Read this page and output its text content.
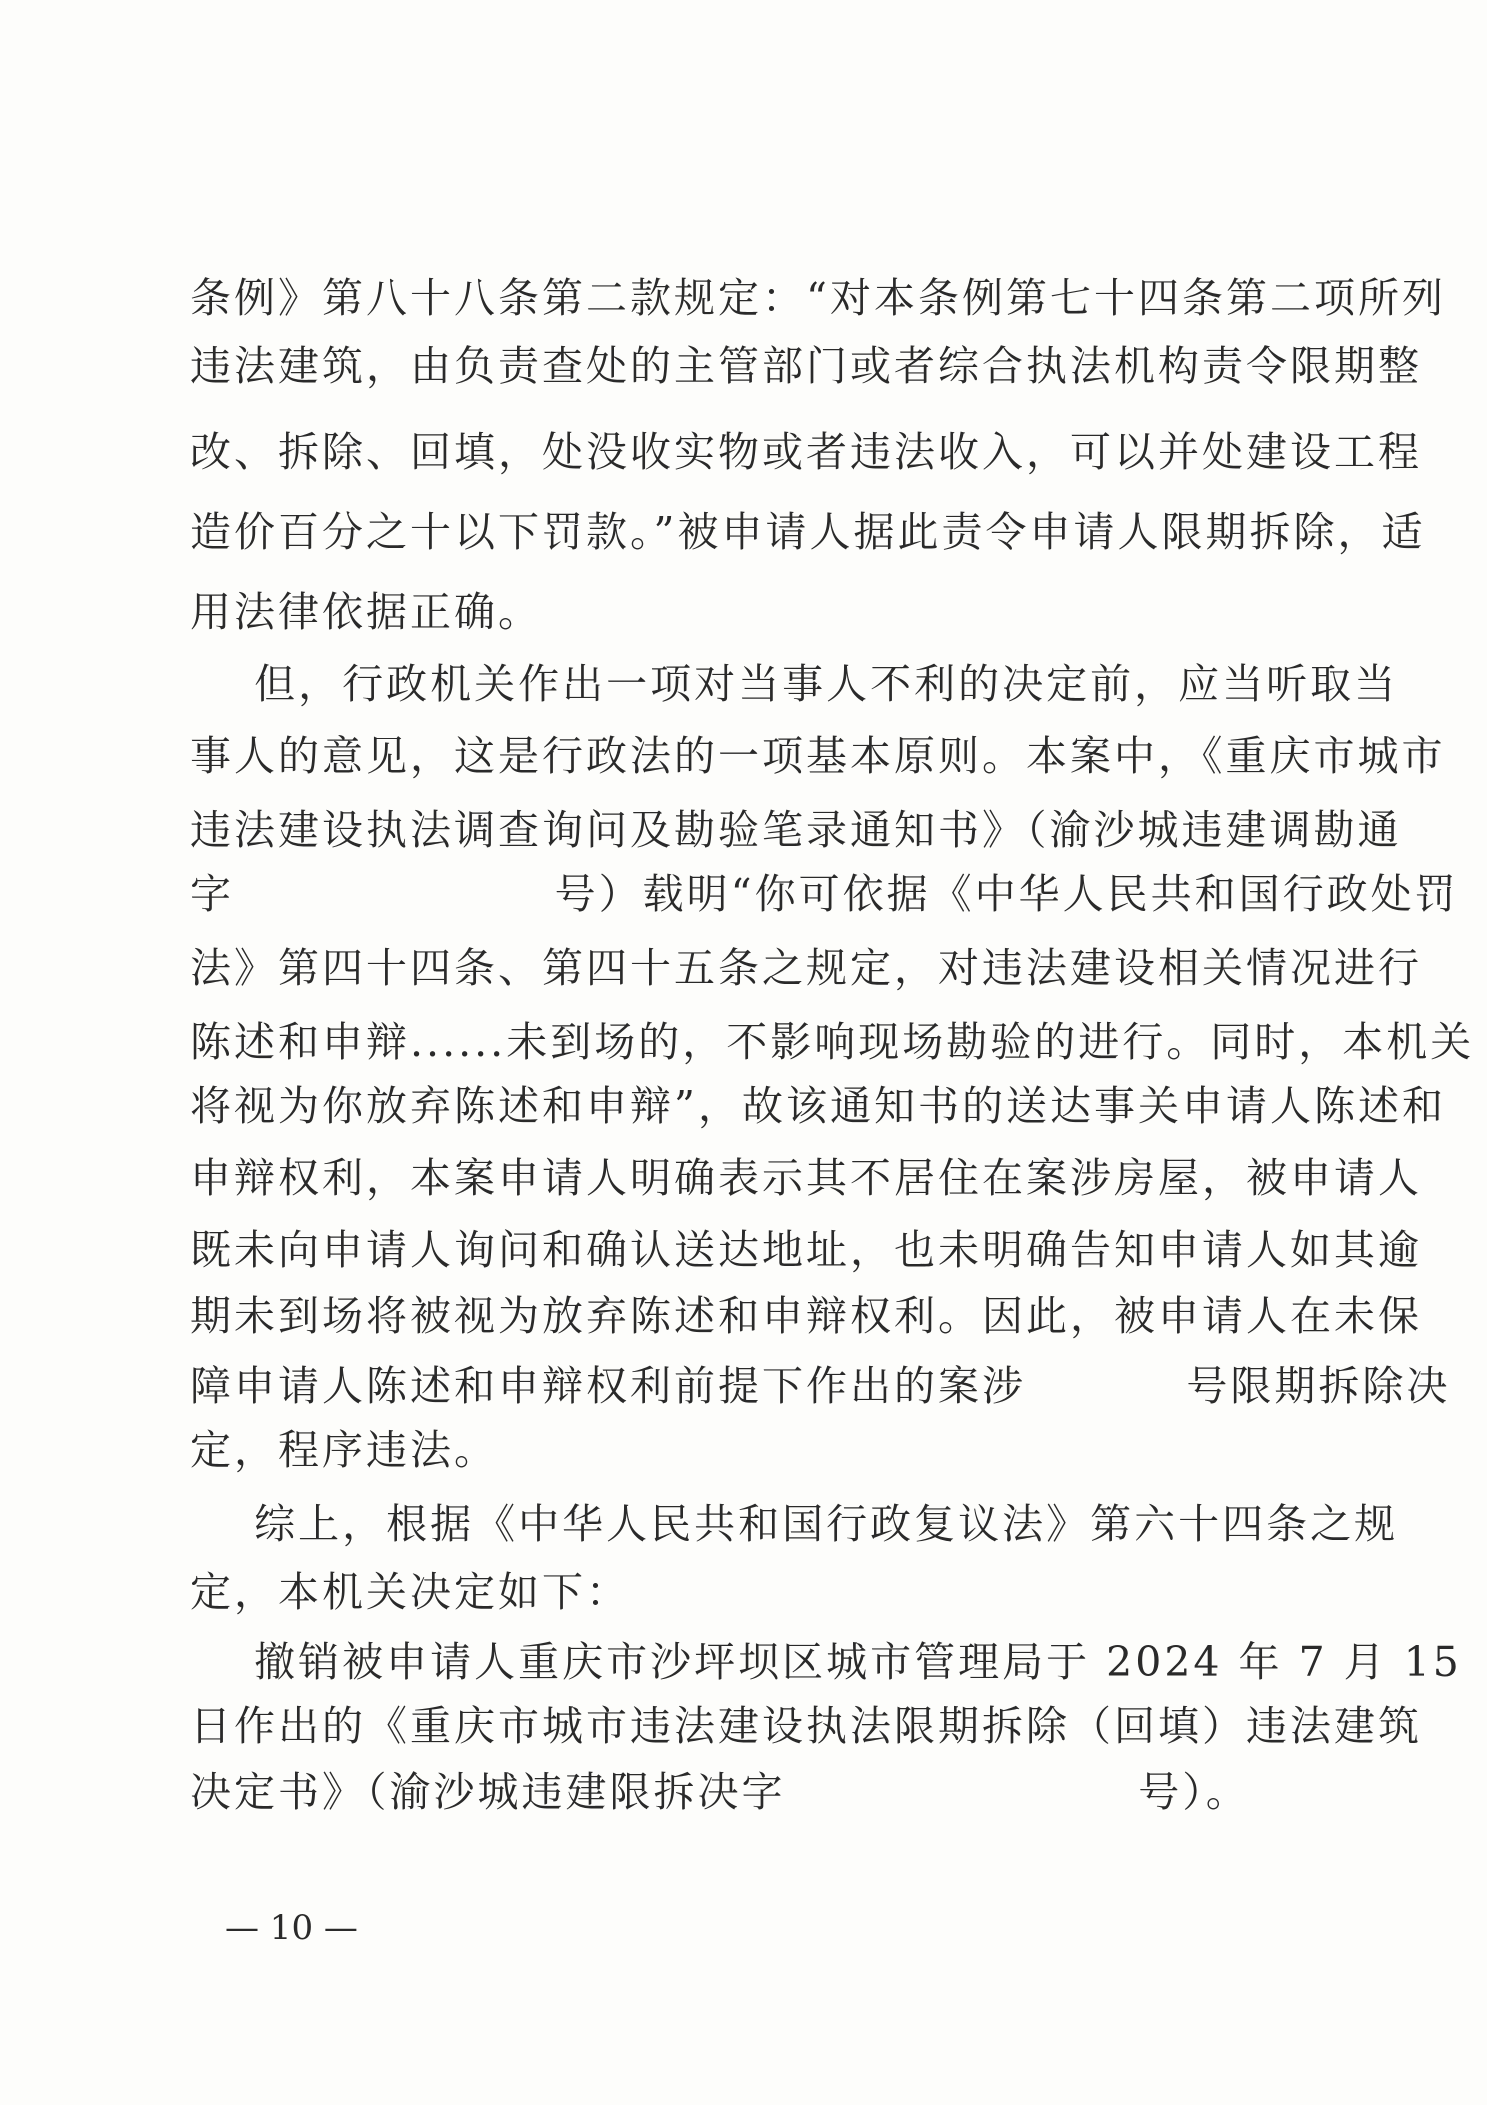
条例》第八十八条第二款规定：“对本条例第七十四条第二项所列
违法建筑，由负责查处的主管部门或者综合执法机构责令限期整
改、拆除、回填，处没收实物或者违法收入，可以并处建设工程
造价百分之十以下罚款。”被申请人据此责令申请人限期拆除，适
用法律依据正确。
但，行政机关作出一项对当事人不利的决定前，应当听取当
事人的意见，这是行政法的一项基本原则。本案中，《重庆市城市
违法建设执法调查询问及勘验笔录通知书》（渝沙城违建调勘通
字                    号）载明“你可依据《中华人民共和国行政处罚
法》第四十四条、第四十五条之规定，对违法建设相关情况进行
陈述和申辩......未到场的，不影响现场勘验的进行。同时，本机关
将视为你放弃陈述和申辩”，故该通知书的送达事关申请人陈述和
申辩权利，本案申请人明确表示其不居住在案涉房屋，被申请人
既未向申请人询问和确认送达地址，也未明确告知申请人如其逾
期未到场将被视为放弃陈述和申辩权利。因此，被申请人在未保
障申请人陈述和申辩权利前提下作出的案涉          号限期拆除决
定，程序违法。
综上，根据《中华人民共和国行政复议法》第六十四条之规
定，本机关决定如下：
撤销被申请人重庆市沙坪坝区城市管理局于 2024 年 7 月 15
日作出的《重庆市城市违法建设执法限期拆除（回填）违法建筑
决定书》（渝沙城违建限拆决字                      号）。
— 10 —
